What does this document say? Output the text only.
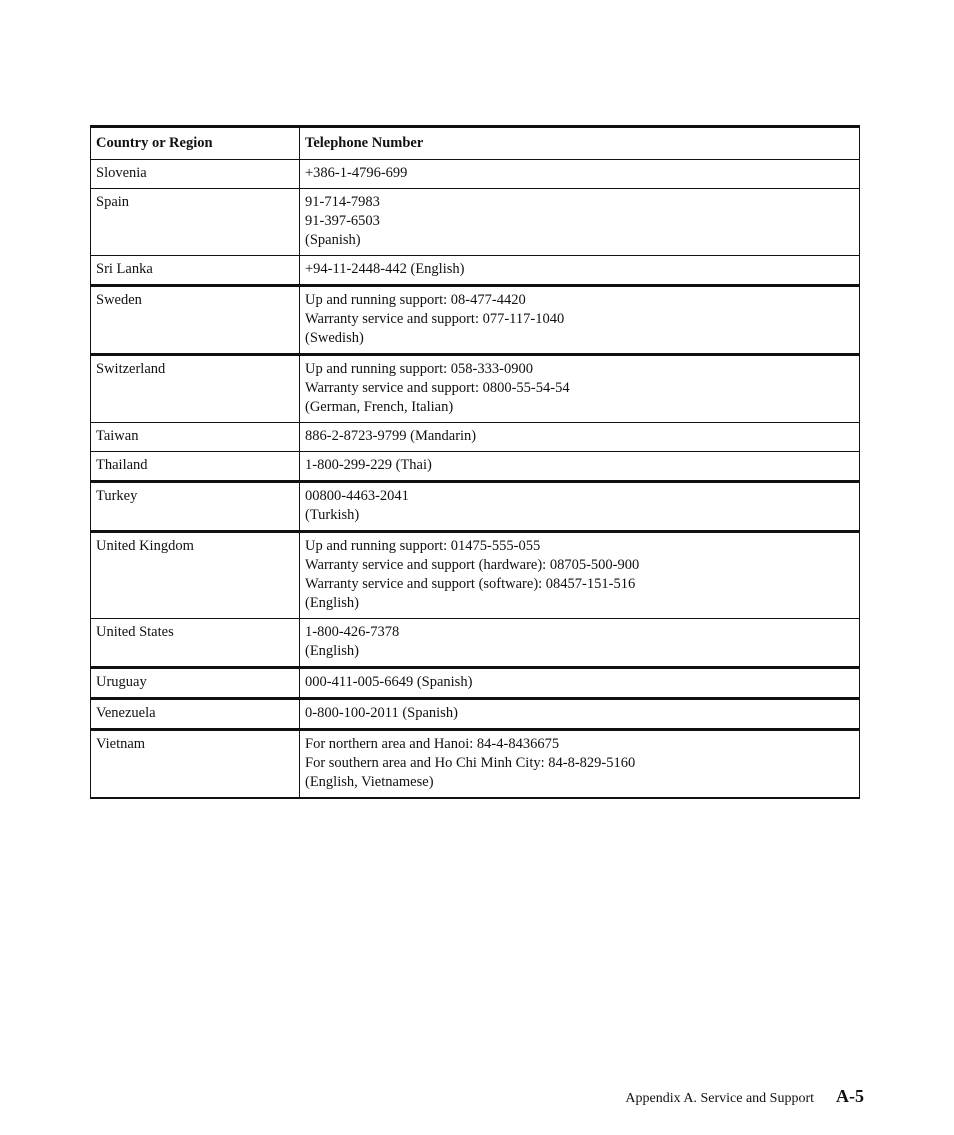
Country or Region	Telephone Number
Slovenia	+386-1-4796-699

Spain	91-714-7983
91-397-6503
(Spanish)

Sri Lanka	+94-11-2448-442 (English)

Sweden	Up and running support: 08-477-4420
Warranty service and support: 077-117-1040
(Swedish)

Switzerland	Up and running support: 058-333-0900
Warranty service and support: 0800-55-54-54
(German, French, Italian)

Taiwan	886-2-8723-9799 (Mandarin)

Thailand	1-800-299-229 (Thai)

Turkey	00800-4463-2041
(Turkish)

United Kingdom	Up and running support: 01475-555-055
Warranty service and support (hardware): 08705-500-900
Warranty service and support (software): 08457-151-516
(English)

United States	1-800-426-7378
(English)

Uruguay	000-411-005-6649 (Spanish)

Venezuela	0-800-100-2011 (Spanish)

Vietnam	For northern area and Hanoi: 84-4-8436675
For southern area and Ho Chi Minh City: 84-8-829-5160
(English, Vietnamese)
Appendix A. Service and Support A-5
